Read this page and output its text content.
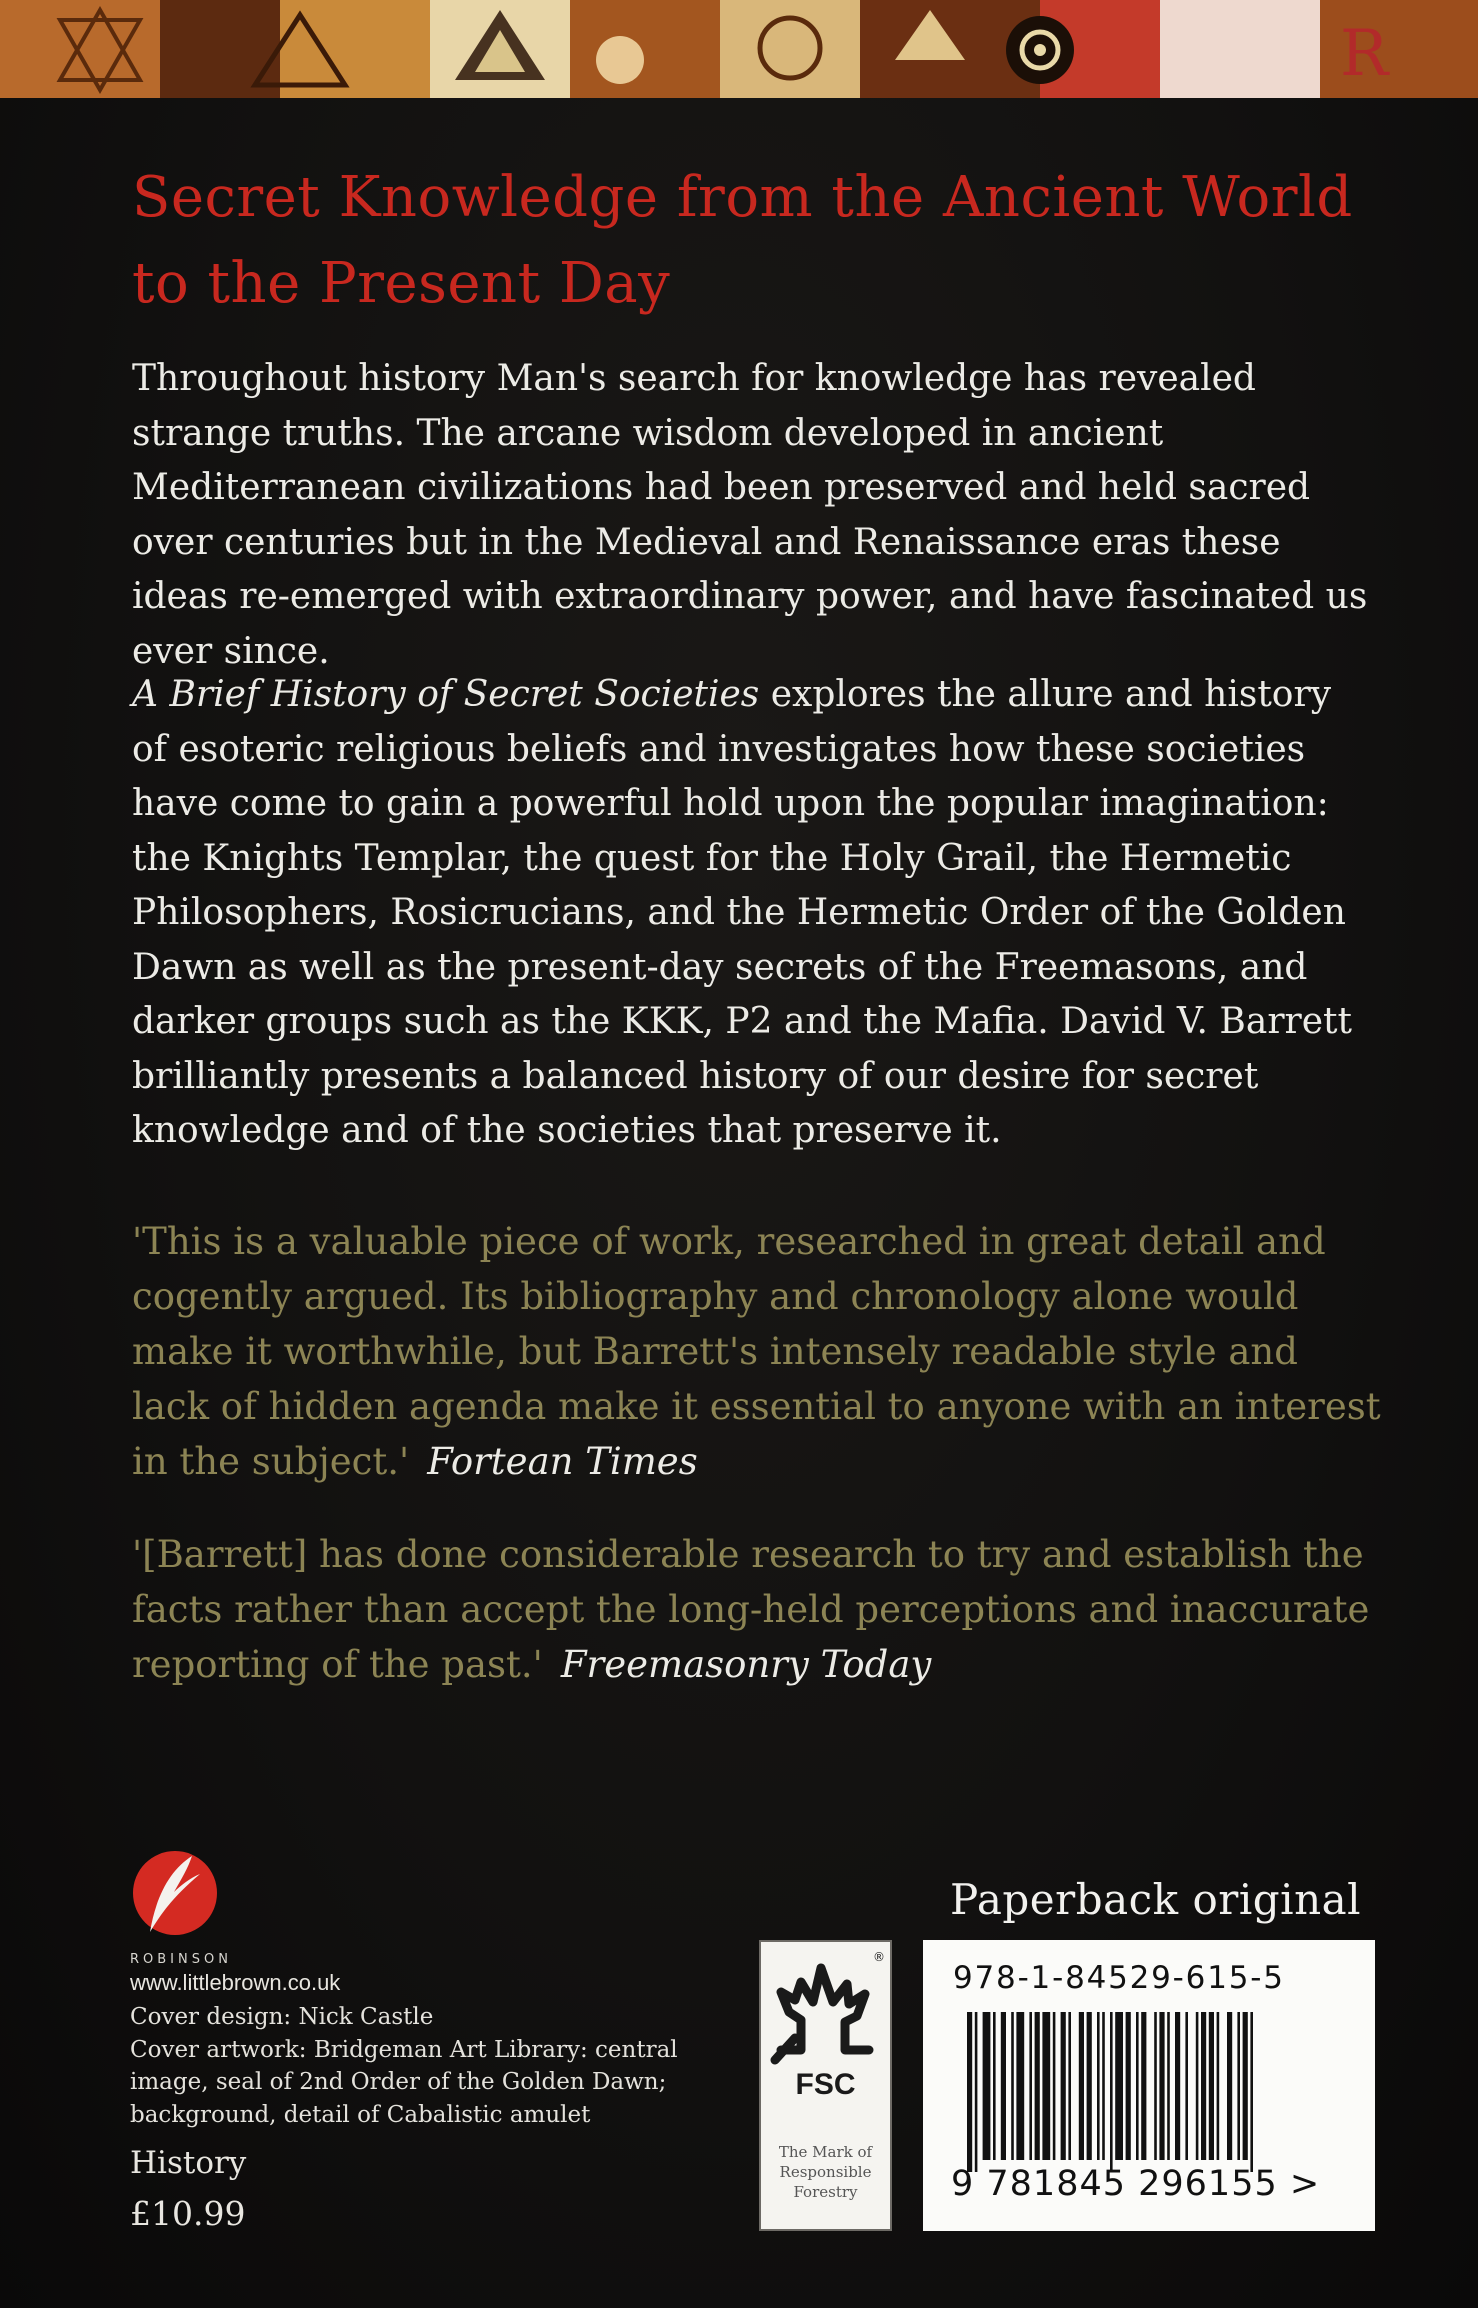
R
Secret Knowledge from the Ancient World to the Present Day

Throughout history Man's search for knowledge has revealed strange truths. The arcane wisdom developed in ancient Mediterranean civilizations had been preserved and held sacred over centuries but in the Medieval and Renaissance eras these ideas re-emerged with extraordinary power, and have fascinated us ever since.

A Brief History of Secret Societies explores the allure and history of esoteric religious beliefs and investigates how these societies have come to gain a powerful hold upon the popular imagination: the Knights Templar, the quest for the Holy Grail, the Hermetic Philosophers, Rosicrucians, and the Hermetic Order of the Golden Dawn as well as the present-day secrets of the Freemasons, and darker groups such as the KKK, P2 and the Mafia. David V. Barrett brilliantly presents a balanced history of our desire for secret knowledge and of the societies that preserve it.

'This is a valuable piece of work, researched in great detail and cogently argued. Its bibliography and chronology alone would make it worthwhile, but Barrett's intensely readable style and lack of hidden agenda make it essential to anyone with an interest in the subject.' Fortean Times

'[Barrett] has done considerable research to try and establish the facts rather than accept the long-held perceptions and inaccurate reporting of the past.' Freemasonry Today

ROBINSON

www.littlebrown.co.uk

Cover design: Nick Castle
Cover artwork: Bridgeman Art Library: central image, seal of 2nd Order of the Golden Dawn; background, detail of Cabalistic amulet

History

£10.99

Paperback original

®

FSC

The Mark of Responsible Forestry

978-1-84529-615-5

9 781845 296155 >
